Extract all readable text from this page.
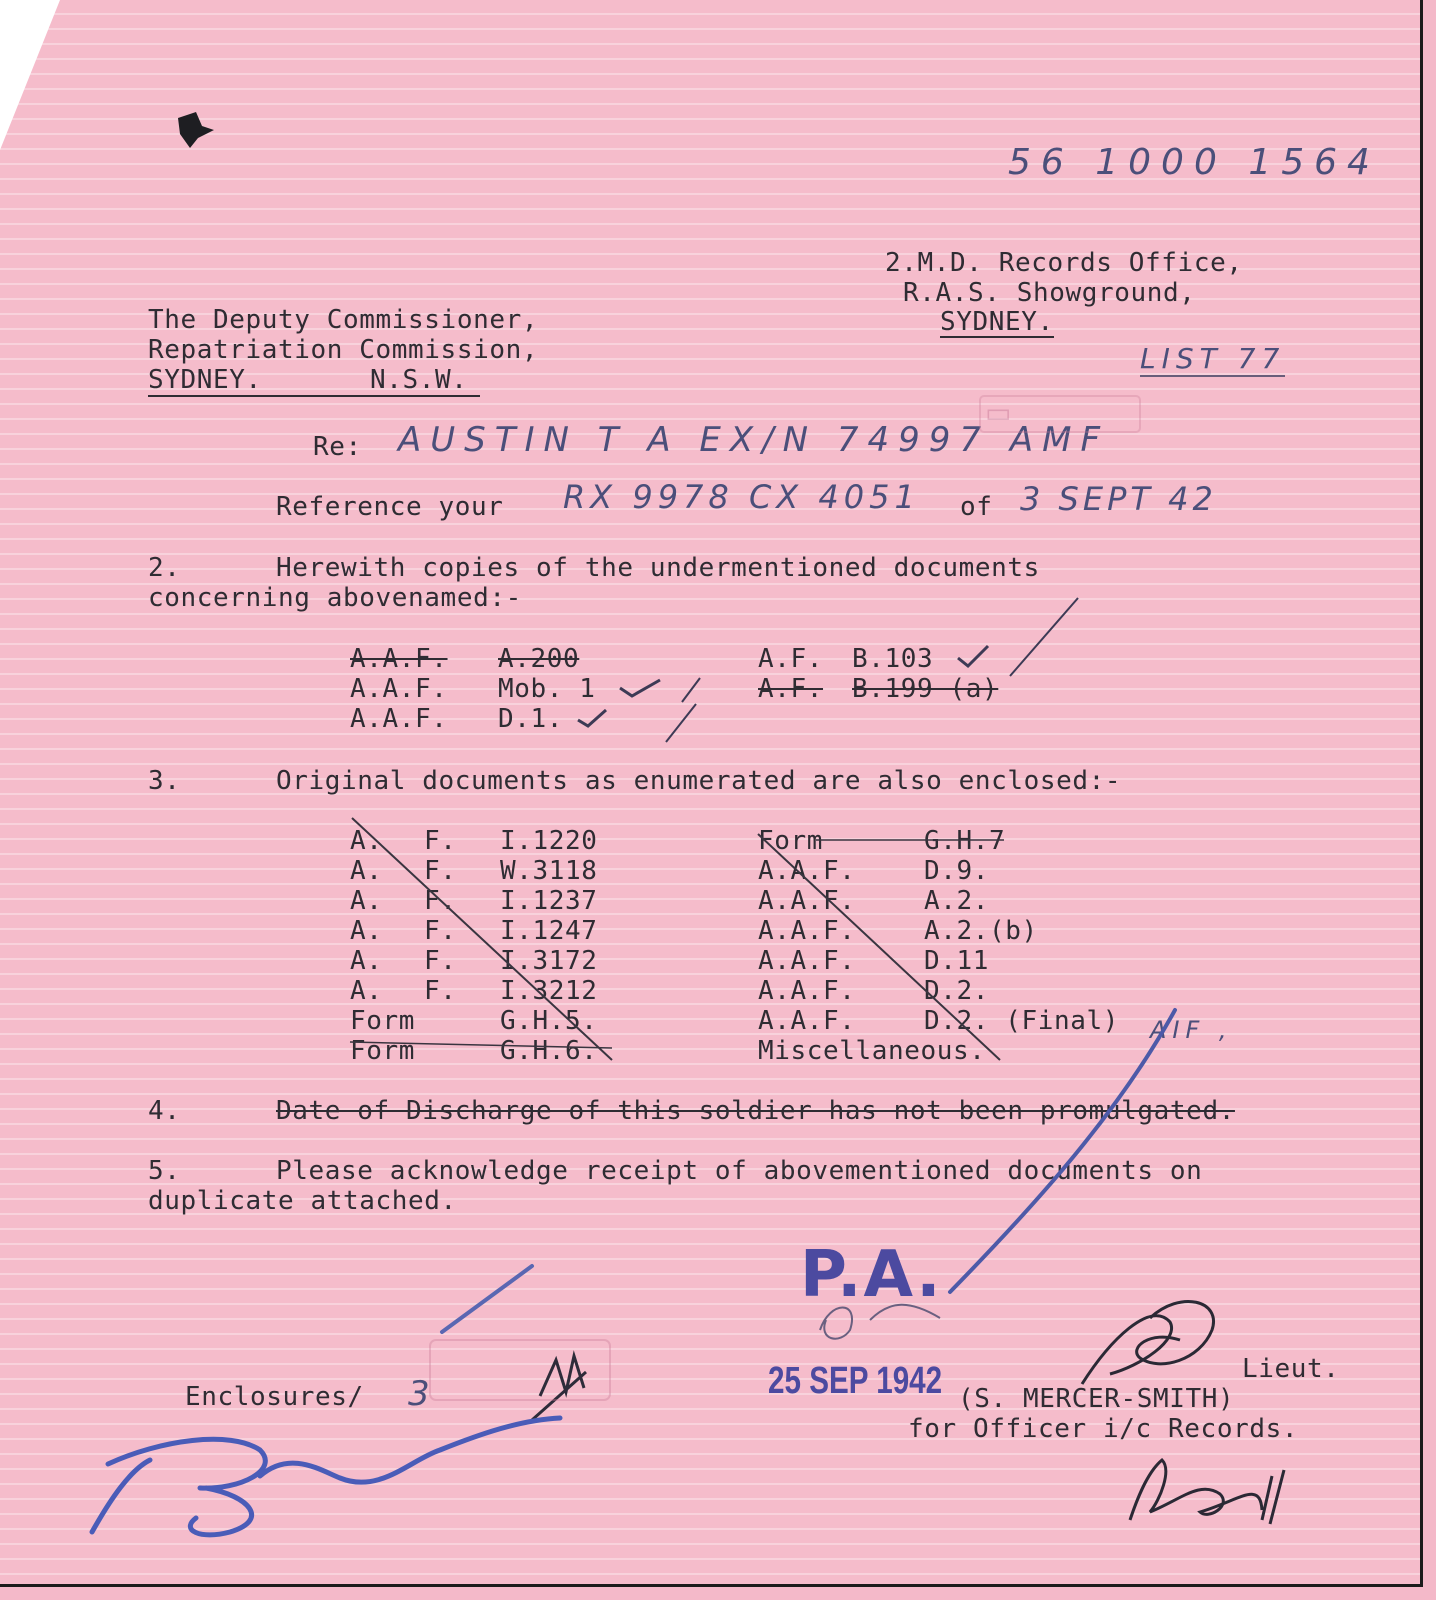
▭
56 1000 1564
2.M.D. Records Office,
R.A.S. Showground,
SYDNEY.
LIST 77
The Deputy Commissioner,
Repatriation Commission,
SYDNEY.	N.S.W.
Re: AUSTIN T A EX/N 74997 AMF
Reference your RX 9978 CX 4051 of 3 SEPT 42
2.	Herewith copies of the undermentioned documents
concerning abovenamed:-
A.A.F. A.200
A.A.F. Mob. 1
A.A.F. D.1.
A.F. B.103
A.F. B.199 (a)
3.	Original documents as enumerated are also enclosed:-
A. F. I.1220
A. F. W.3118
A. F. I.1237
A. F. I.1247
A. F. I.3172
A. F. I.3212
Form	G.H.5.
Form	G.H.6.
Form	G.H.7
A.A.F.	D.9.
A.A.F.	A.2.
A.A.F.	A.2.(b)
A.A.F.	D.11
A.A.F.	D.2.
A.A.F.	D.2. (Final)
Miscellaneous.
AIF ,
4.	Date of Discharge of this soldier has not been promulgated.
5.	Please acknowledge receipt of abovementioned documents on
duplicate attached.
P.A.
25 SEP 1942
Enclosures/ 3
Lieut.
(S. MERCER-SMITH)
for Officer i/c Records.
